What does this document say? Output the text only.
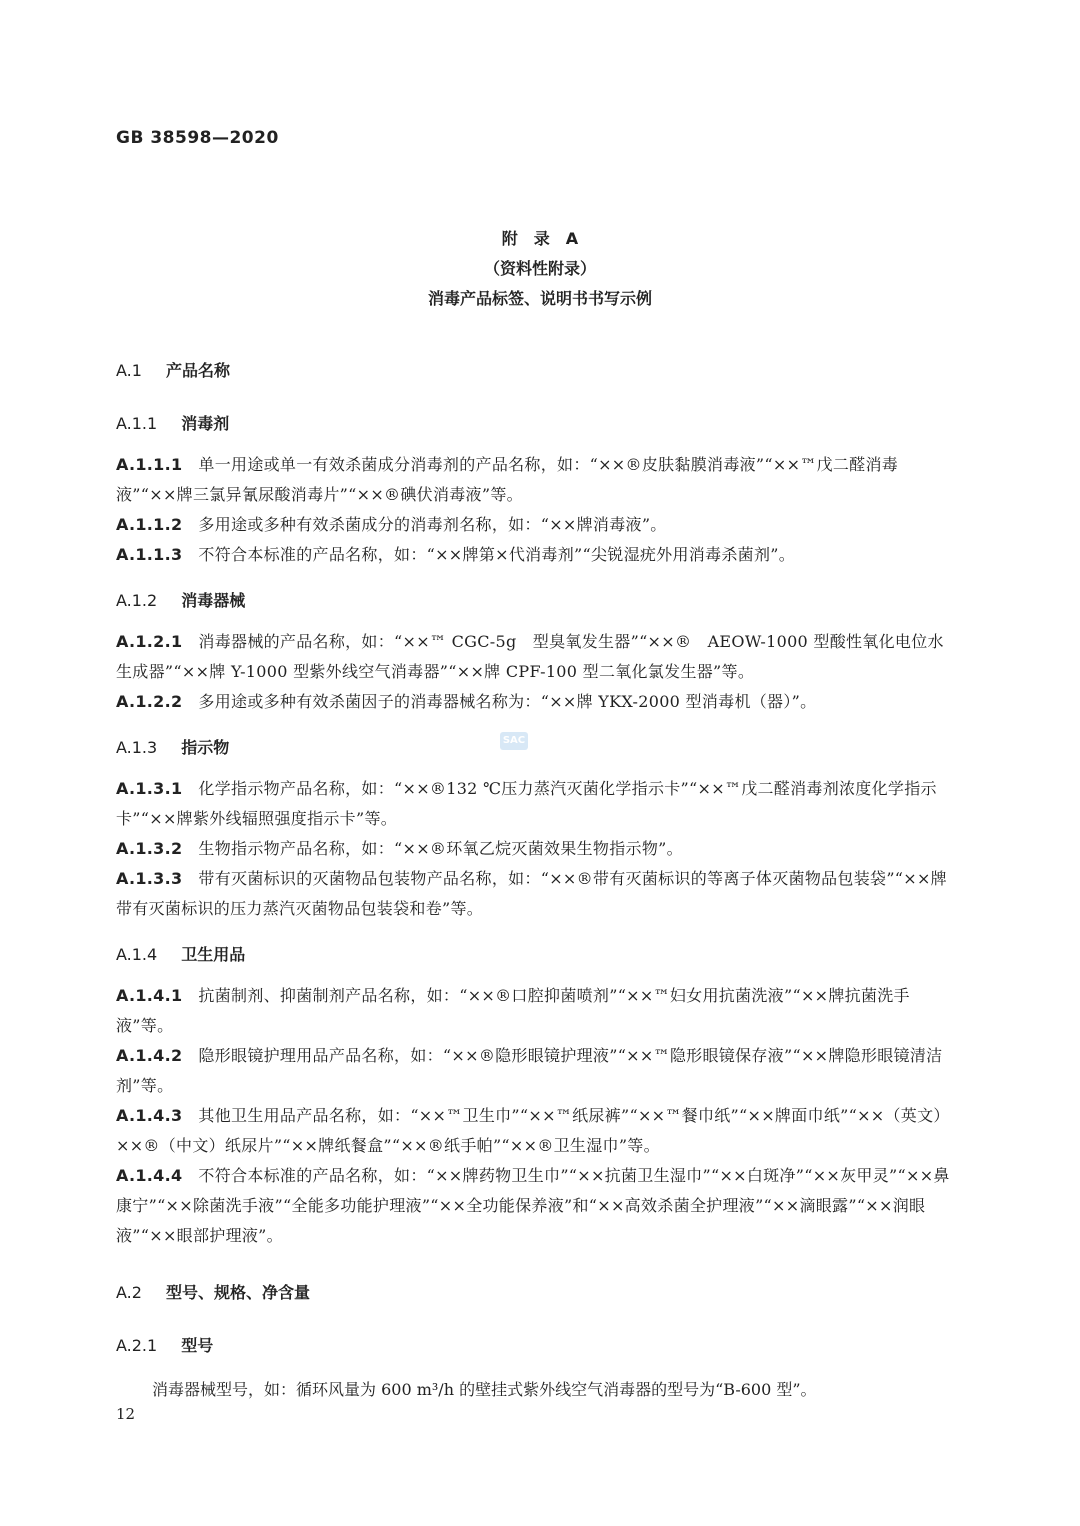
GB 38598—2020
附　录　A
（资料性附录）
消毒产品标签、说明书书写示例
A.1 产品名称
A.1.1 消毒剂
A.1.2 消毒器械
A.1.3 指示物
A.1.4 卫生用品
A.2 型号、规格、净含量
A.2.1 型号
A.1.1.1 单一用途或单一有效杀菌成分消毒剂的产品名称，如：“××®皮肤黏膜消毒液”“××™戊二醛消毒液”“××牌三氯异氰尿酸消毒片”“××®碘伏消毒液”等。
A.1.1.2 多用途或多种有效杀菌成分的消毒剂名称，如：“××牌消毒液”。
A.1.1.3 不符合本标准的产品名称，如：“××牌第×代消毒剂”“尖锐湿疣外用消毒杀菌剂”。
A.1.2.1 消毒器械的产品名称，如：“××™ CGC-5g　型臭氧发生器”“××®　AEOW-1000 型酸性氧化电位水生成器”“××牌 Y-1000 型紫外线空气消毒器”“××牌 CPF-100 型二氧化氯发生器”等。
A.1.2.2 多用途或多种有效杀菌因子的消毒器械名称为：“××牌 YKX-2000 型消毒机（器）”。
A.1.3.1 化学指示物产品名称，如：“××®132 ℃压力蒸汽灭菌化学指示卡”“××™戊二醛消毒剂浓度化学指示卡”“××牌紫外线辐照强度指示卡”等。
A.1.3.2 生物指示物产品名称，如：“××®环氧乙烷灭菌效果生物指示物”。
A.1.3.3 带有灭菌标识的灭菌物品包装物产品名称，如：“××®带有灭菌标识的等离子体灭菌物品包装袋”“××牌带有灭菌标识的压力蒸汽灭菌物品包装袋和卷”等。
A.1.4.1 抗菌制剂、抑菌制剂产品名称，如：“××®口腔抑菌喷剂”“××™妇女用抗菌洗液”“××牌抗菌洗手液”等。
A.1.4.2 隐形眼镜护理用品产品名称，如：“××®隐形眼镜护理液”“××™隐形眼镜保存液”“××牌隐形眼镜清洁剂”等。
A.1.4.3 其他卫生用品产品名称，如：“××™卫生巾”“××™纸尿裤”“××™餐巾纸”“××牌面巾纸”“××（英文）××®（中文）纸尿片”“××牌纸餐盒”“××®纸手帕”“××®卫生湿巾”等。
A.1.4.4 不符合本标准的产品名称，如：“××牌药物卫生巾”“××抗菌卫生湿巾”“××白斑净”“××灰甲灵”“××鼻康宁”“××除菌洗手液”“全能多功能护理液”“××全功能保养液”和“××高效杀菌全护理液”“××滴眼露”“××润眼液”“××眼部护理液”。
消毒器械型号，如：循环风量为 600 m³/h 的壁挂式紫外线空气消毒器的型号为“B-600 型”。
SAC
12
